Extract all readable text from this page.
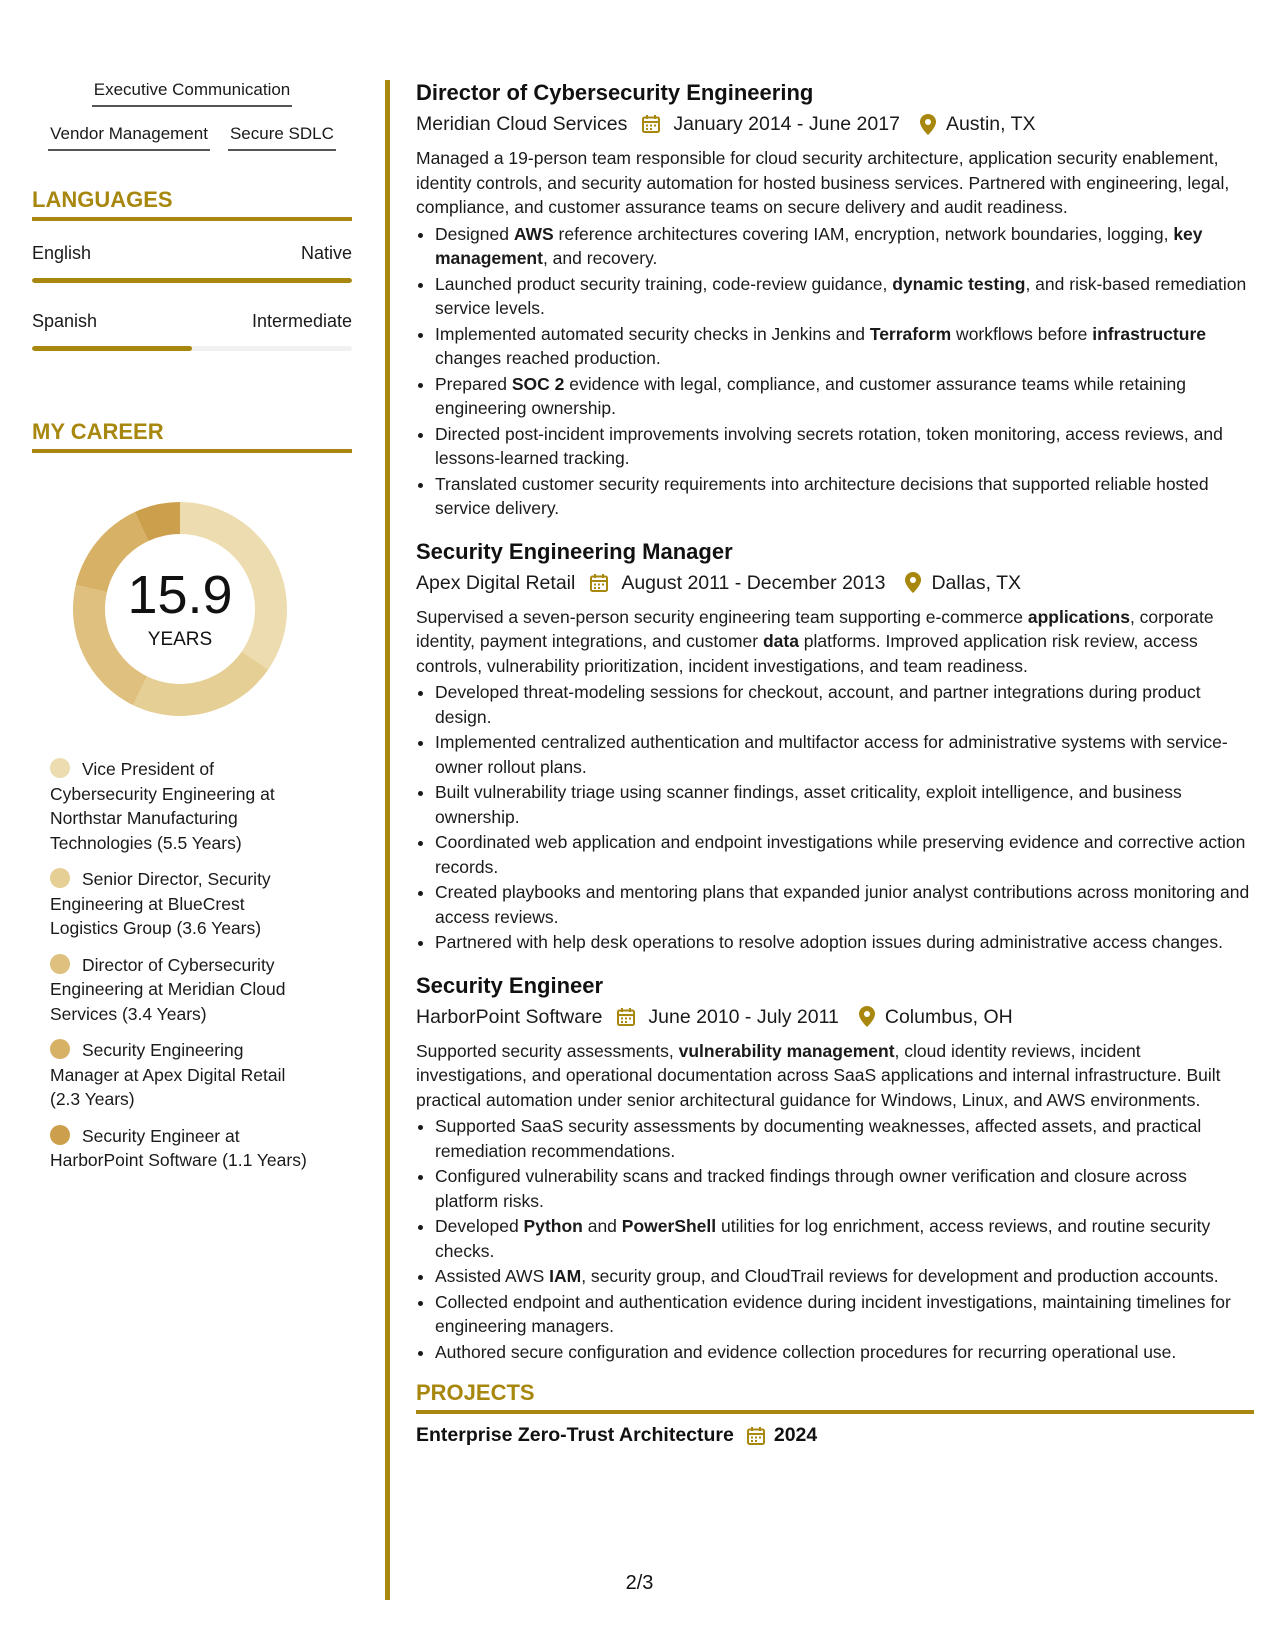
Executive Communication
Vendor Management Secure SDLC
LANGUAGES
English	Native
Spanish	Intermediate
MY CAREER
15.9
YEARS
Vice President of Cybersecurity Engineering at Northstar Manufacturing Technologies (5.5 Years)
Senior Director, Security Engineering at BlueCrest Logistics Group (3.6 Years)
Director of Cybersecurity Engineering at Meridian Cloud Services (3.4 Years)
Security Engineering Manager at Apex Digital Retail (2.3 Years)
Security Engineer at HarborPoint Software (1.1 Years)
Director of Cybersecurity Engineering
Meridian Cloud Services January 2014 - June 2017 Austin, TX

Managed a 19-person team responsible for cloud security architecture, application security enablement, identity controls, and security automation for hosted business services. Partnered with engineering, legal, compliance, and customer assurance teams on secure delivery and audit readiness.

• Designed AWS reference architectures covering IAM, encryption, network boundaries, logging, key management, and recovery.
• Launched product security training, code-review guidance, dynamic testing, and risk-based remediation service levels.
• Implemented automated security checks in Jenkins and Terraform workflows before infrastructure changes reached production.
• Prepared SOC 2 evidence with legal, compliance, and customer assurance teams while retaining engineering ownership.
• Directed post-incident improvements involving secrets rotation, token monitoring, access reviews, and lessons-learned tracking.
• Translated customer security requirements into architecture decisions that supported reliable hosted service delivery.
Security Engineering Manager
Apex Digital Retail August 2011 - December 2013 Dallas, TX

Supervised a seven-person security engineering team supporting e-commerce applications, corporate identity, payment integrations, and customer data platforms. Improved application risk review, access controls, vulnerability prioritization, incident investigations, and team readiness.

• Developed threat-modeling sessions for checkout, account, and partner integrations during product design.
• Implemented centralized authentication and multifactor access for administrative systems with service-owner rollout plans.
• Built vulnerability triage using scanner findings, asset criticality, exploit intelligence, and business ownership.
• Coordinated web application and endpoint investigations while preserving evidence and corrective action records.
• Created playbooks and mentoring plans that expanded junior analyst contributions across monitoring and access reviews.
• Partnered with help desk operations to resolve adoption issues during administrative access changes.
Security Engineer
HarborPoint Software June 2010 - July 2011 Columbus, OH

Supported security assessments, vulnerability management, cloud identity reviews, incident investigations, and operational documentation across SaaS applications and internal infrastructure. Built practical automation under senior architectural guidance for Windows, Linux, and AWS environments.

• Supported SaaS security assessments by documenting weaknesses, affected assets, and practical remediation recommendations.
• Configured vulnerability scans and tracked findings through owner verification and closure across platform risks.
• Developed Python and PowerShell utilities for log enrichment, access reviews, and routine security checks.
• Assisted AWS IAM, security group, and CloudTrail reviews for development and production accounts.
• Collected endpoint and authentication evidence during incident investigations, maintaining timelines for engineering managers.
• Authored secure configuration and evidence collection procedures for recurring operational use.
PROJECTS
Enterprise Zero-Trust Architecture 2024
2/3
